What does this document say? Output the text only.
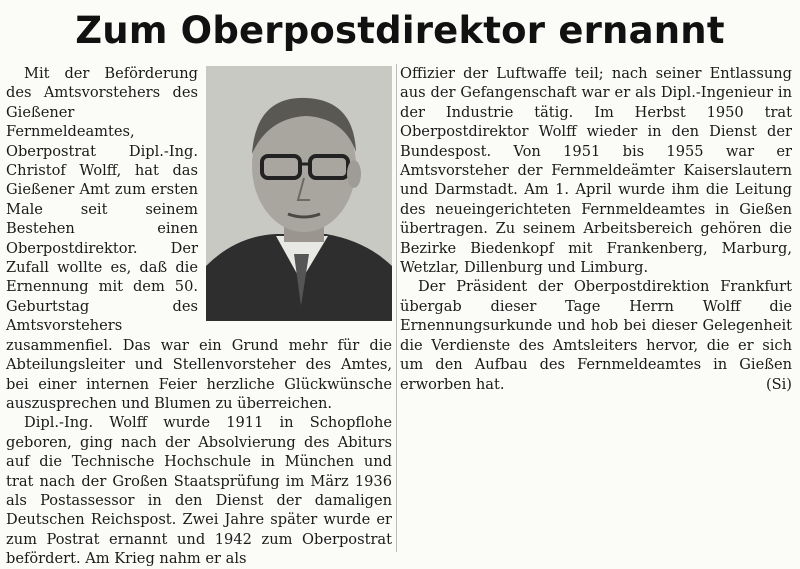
Zum Oberpostdirektor ernannt

Mit der Beförderung des Amtsvorstehers des Gießener Fernmeldeamtes, Oberpostrat Dipl.-Ing. Christof Wolff, hat das Gießener Amt zum ersten Male seit seinem Bestehen einen Oberpostdirektor. Der Zufall wollte es, daß die Ernennung mit dem 50. Geburtstag des Amtsvorstehers zusammenfiel. Das war ein Grund mehr für die Abteilungsleiter und Stellenvorsteher des Amtes, bei einer internen Feier herzliche Glückwünsche auszusprechen und Blumen zu überreichen.

Dipl.-Ing. Wolff wurde 1911 in Schopflohe geboren, ging nach der Absolvierung des Abiturs auf die Technische Hochschule in München und trat nach der Großen Staatsprüfung im März 1936 als Postassessor in den Dienst der damaligen Deutschen Reichspost. Zwei Jahre später wurde er zum Postrat ernannt und 1942 zum Oberpostrat befördert. Am Krieg nahm er als

Offizier der Luftwaffe teil; nach seiner Entlassung aus der Gefangenschaft war er als Dipl.-Ingenieur in der Industrie tätig. Im Herbst 1950 trat Oberpostdirektor Wolff wieder in den Dienst der Bundespost. Von 1951 bis 1955 war er Amtsvorsteher der Fernmeldeämter Kaiserslautern und Darmstadt. Am 1. April wurde ihm die Leitung des neueingerichteten Fernmeldeamtes in Gießen übertragen. Zu seinem Arbeitsbereich gehören die Bezirke Biedenkopf mit Frankenberg, Marburg, Wetzlar, Dillenburg und Limburg.

Der Präsident der Oberpostdirektion Frankfurt übergab dieser Tage Herrn Wolff die Ernennungsurkunde und hob bei dieser Gelegenheit die Verdienste des Amtsleiters hervor, die er sich um den Aufbau des Fernmeldeamtes in Gießen erworben hat.	(Si)
